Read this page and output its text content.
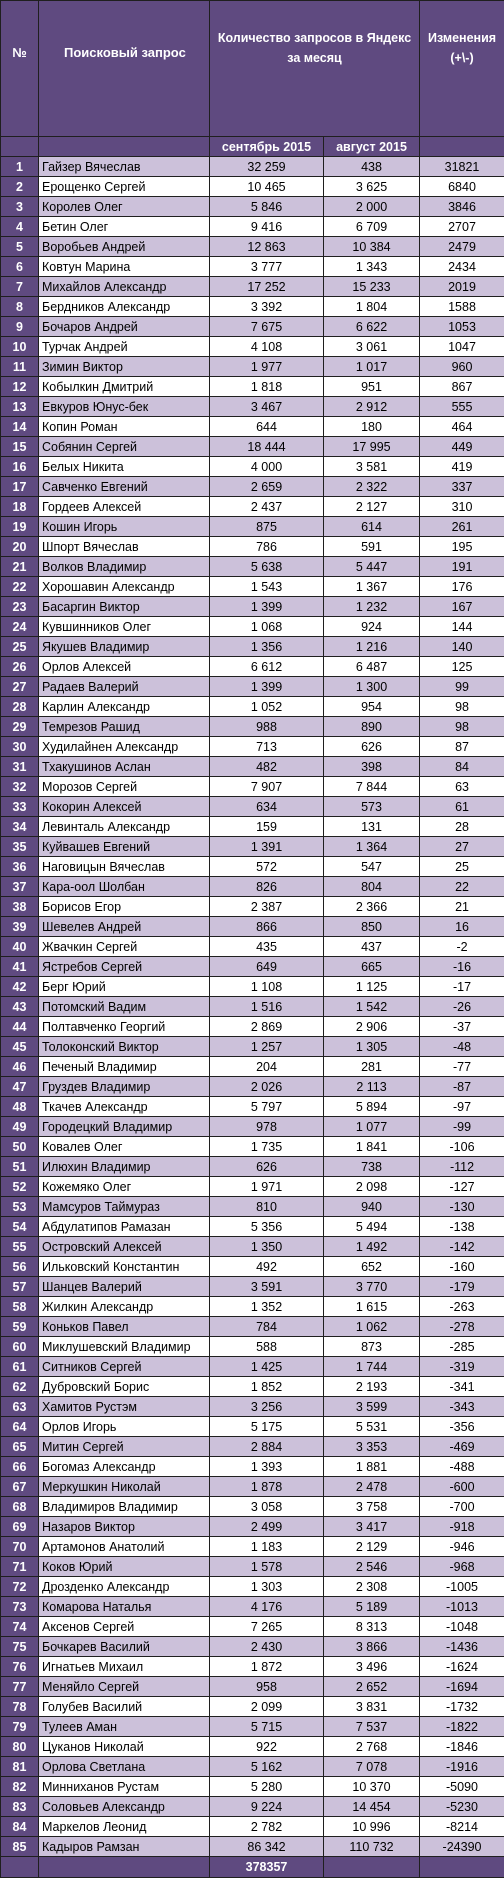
№	Поисковый запрос	Количество запросов в Яндекс за месяц		Изменения (+\-)
		сентябрь 2015	август 2015	
1	Гайзер Вячеслав	32 259	438	31821
2	Ерощенко Сергей	10 465	3 625	6840
3	Королев Олег	5 846	2 000	3846
4	Бетин Олег	9 416	6 709	2707
5	Воробьев Андрей	12 863	10 384	2479
6	Ковтун Марина	3 777	1 343	2434
7	Михайлов Александр	17 252	15 233	2019
8	Бердников Александр	3 392	1 804	1588
9	Бочаров Андрей	7 675	6 622	1053
10	Турчак Андрей	4 108	3 061	1047
11	Зимин Виктор	1 977	1 017	960
12	Кобылкин Дмитрий	1 818	951	867
13	Евкуров Юнус-бек	3 467	2 912	555
14	Копин Роман	644	180	464
15	Собянин Сергей	18 444	17 995	449
16	Белых Никита	4 000	3 581	419
17	Савченко Евгений	2 659	2 322	337
18	Гордеев Алексей	2 437	2 127	310
19	Кошин Игорь	875	614	261
20	Шпорт Вячеслав	786	591	195
21	Волков Владимир	5 638	5 447	191
22	Хорошавин Александр	1 543	1 367	176
23	Басаргин Виктор	1 399	1 232	167
24	Кувшинников Олег	1 068	924	144
25	Якушев Владимир	1 356	1 216	140
26	Орлов Алексей	6 612	6 487	125
27	Радаев Валерий	1 399	1 300	99
28	Карлин Александр	1 052	954	98
29	Темрезов Рашид	988	890	98
30	Худилайнен Александр	713	626	87
31	Тхакушинов Аслан	482	398	84
32	Морозов Сергей	7 907	7 844	63
33	Кокорин Алексей	634	573	61
34	Левинталь Александр	159	131	28
35	Куйвашев Евгений	1 391	1 364	27
36	Наговицын Вячеслав	572	547	25
37	Кара-оол Шолбан	826	804	22
38	Борисов Егор	2 387	2 366	21
39	Шевелев Андрей	866	850	16
40	Жвачкин Сергей	435	437	-2
41	Ястребов Сергей	649	665	-16
42	Берг Юрий	1 108	1 125	-17
43	Потомский Вадим	1 516	1 542	-26
44	Полтавченко Георгий	2 869	2 906	-37
45	Толоконский Виктор	1 257	1 305	-48
46	Печеный Владимир	204	281	-77
47	Груздев Владимир	2 026	2 113	-87
48	Ткачев Александр	5 797	5 894	-97
49	Городецкий Владимир	978	1 077	-99
50	Ковалев Олег	1 735	1 841	-106
51	Илюхин Владимир	626	738	-112
52	Кожемяко Олег	1 971	2 098	-127
53	Мамсуров Таймураз	810	940	-130
54	Абдулатипов Рамазан	5 356	5 494	-138
55	Островский Алексей	1 350	1 492	-142
56	Ильковский Константин	492	652	-160
57	Шанцев Валерий	3 591	3 770	-179
58	Жилкин Александр	1 352	1 615	-263
59	Коньков Павел	784	1 062	-278
60	Миклушевский Владимир	588	873	-285
61	Ситников Сергей	1 425	1 744	-319
62	Дубровский Борис	1 852	2 193	-341
63	Хамитов Рустэм	3 256	3 599	-343
64	Орлов Игорь	5 175	5 531	-356
65	Митин Сергей	2 884	3 353	-469
66	Богомаз Александр	1 393	1 881	-488
67	Меркушкин Николай	1 878	2 478	-600
68	Владимиров Владимир	3 058	3 758	-700
69	Назаров Виктор	2 499	3 417	-918
70	Артамонов Анатолий	1 183	2 129	-946
71	Коков Юрий	1 578	2 546	-968
72	Дрозденко Александр	1 303	2 308	-1005
73	Комарова Наталья	4 176	5 189	-1013
74	Аксенов Сергей	7 265	8 313	-1048
75	Бочкарев Василий	2 430	3 866	-1436
76	Игнатьев Михаил	1 872	3 496	-1624
77	Меняйло Сергей	958	2 652	-1694
78	Голубев Василий	2 099	3 831	-1732
79	Тулеев Аман	5 715	7 537	-1822
80	Цуканов Николай	922	2 768	-1846
81	Орлова Светлана	5 162	7 078	-1916
82	Минниханов Рустам	5 280	10 370	-5090
83	Соловьев Александр	9 224	14 454	-5230
84	Маркелов Леонид	2 782	10 996	-8214
85	Кадыров Рамзан	86 342	110 732	-24390
		378357		
